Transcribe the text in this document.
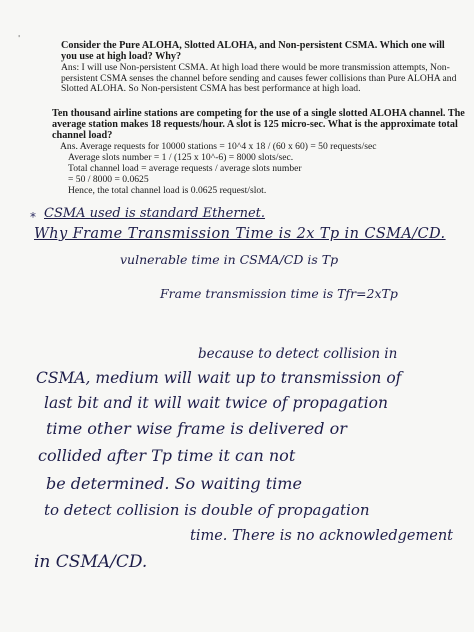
'
Consider the Pure ALOHA, Slotted ALOHA, and Non-persistent CSMA. Which one will you use at high load? Why?
Ans: I will use Non-persistent CSMA. At high load there would be more transmission attempts, Non-persistent CSMA senses the channel before sending and causes fewer collisions than Pure ALOHA and Slotted ALOHA. So Non-persistent CSMA has best performance at high load.
Ten thousand airline stations are competing for the use of a single slotted ALOHA channel. The average station makes 18 requests/hour. A slot is 125 micro-sec. What is the approximate total channel load?
Ans. Average requests for 10000 stations = 10^4 x 18 / (60 x 60) = 50 requests/sec
Average slots number = 1 / (125 x 10^-6) = 8000 slots/sec.
Total channel load = average requests / average slots number
= 50 / 8000 = 0.0625
Hence, the total channel load is 0.0625 request/slot.
* CSMA used is standard Ethernet.
Why Frame Transmission Time is 2x Tp in CSMA/CD.
vulnerable time in CSMA/CD is Tp
Frame transmission time is Tfr=2xTp
because to detect collision in
CSMA, medium will wait up to transmission of
last bit and it will wait twice of propagation
time other wise frame is delivered or
collided after Tp time it can not
be determined. So waiting time
to detect collision is double of propagation
time. There is no acknowledgement
in CSMA/CD.
